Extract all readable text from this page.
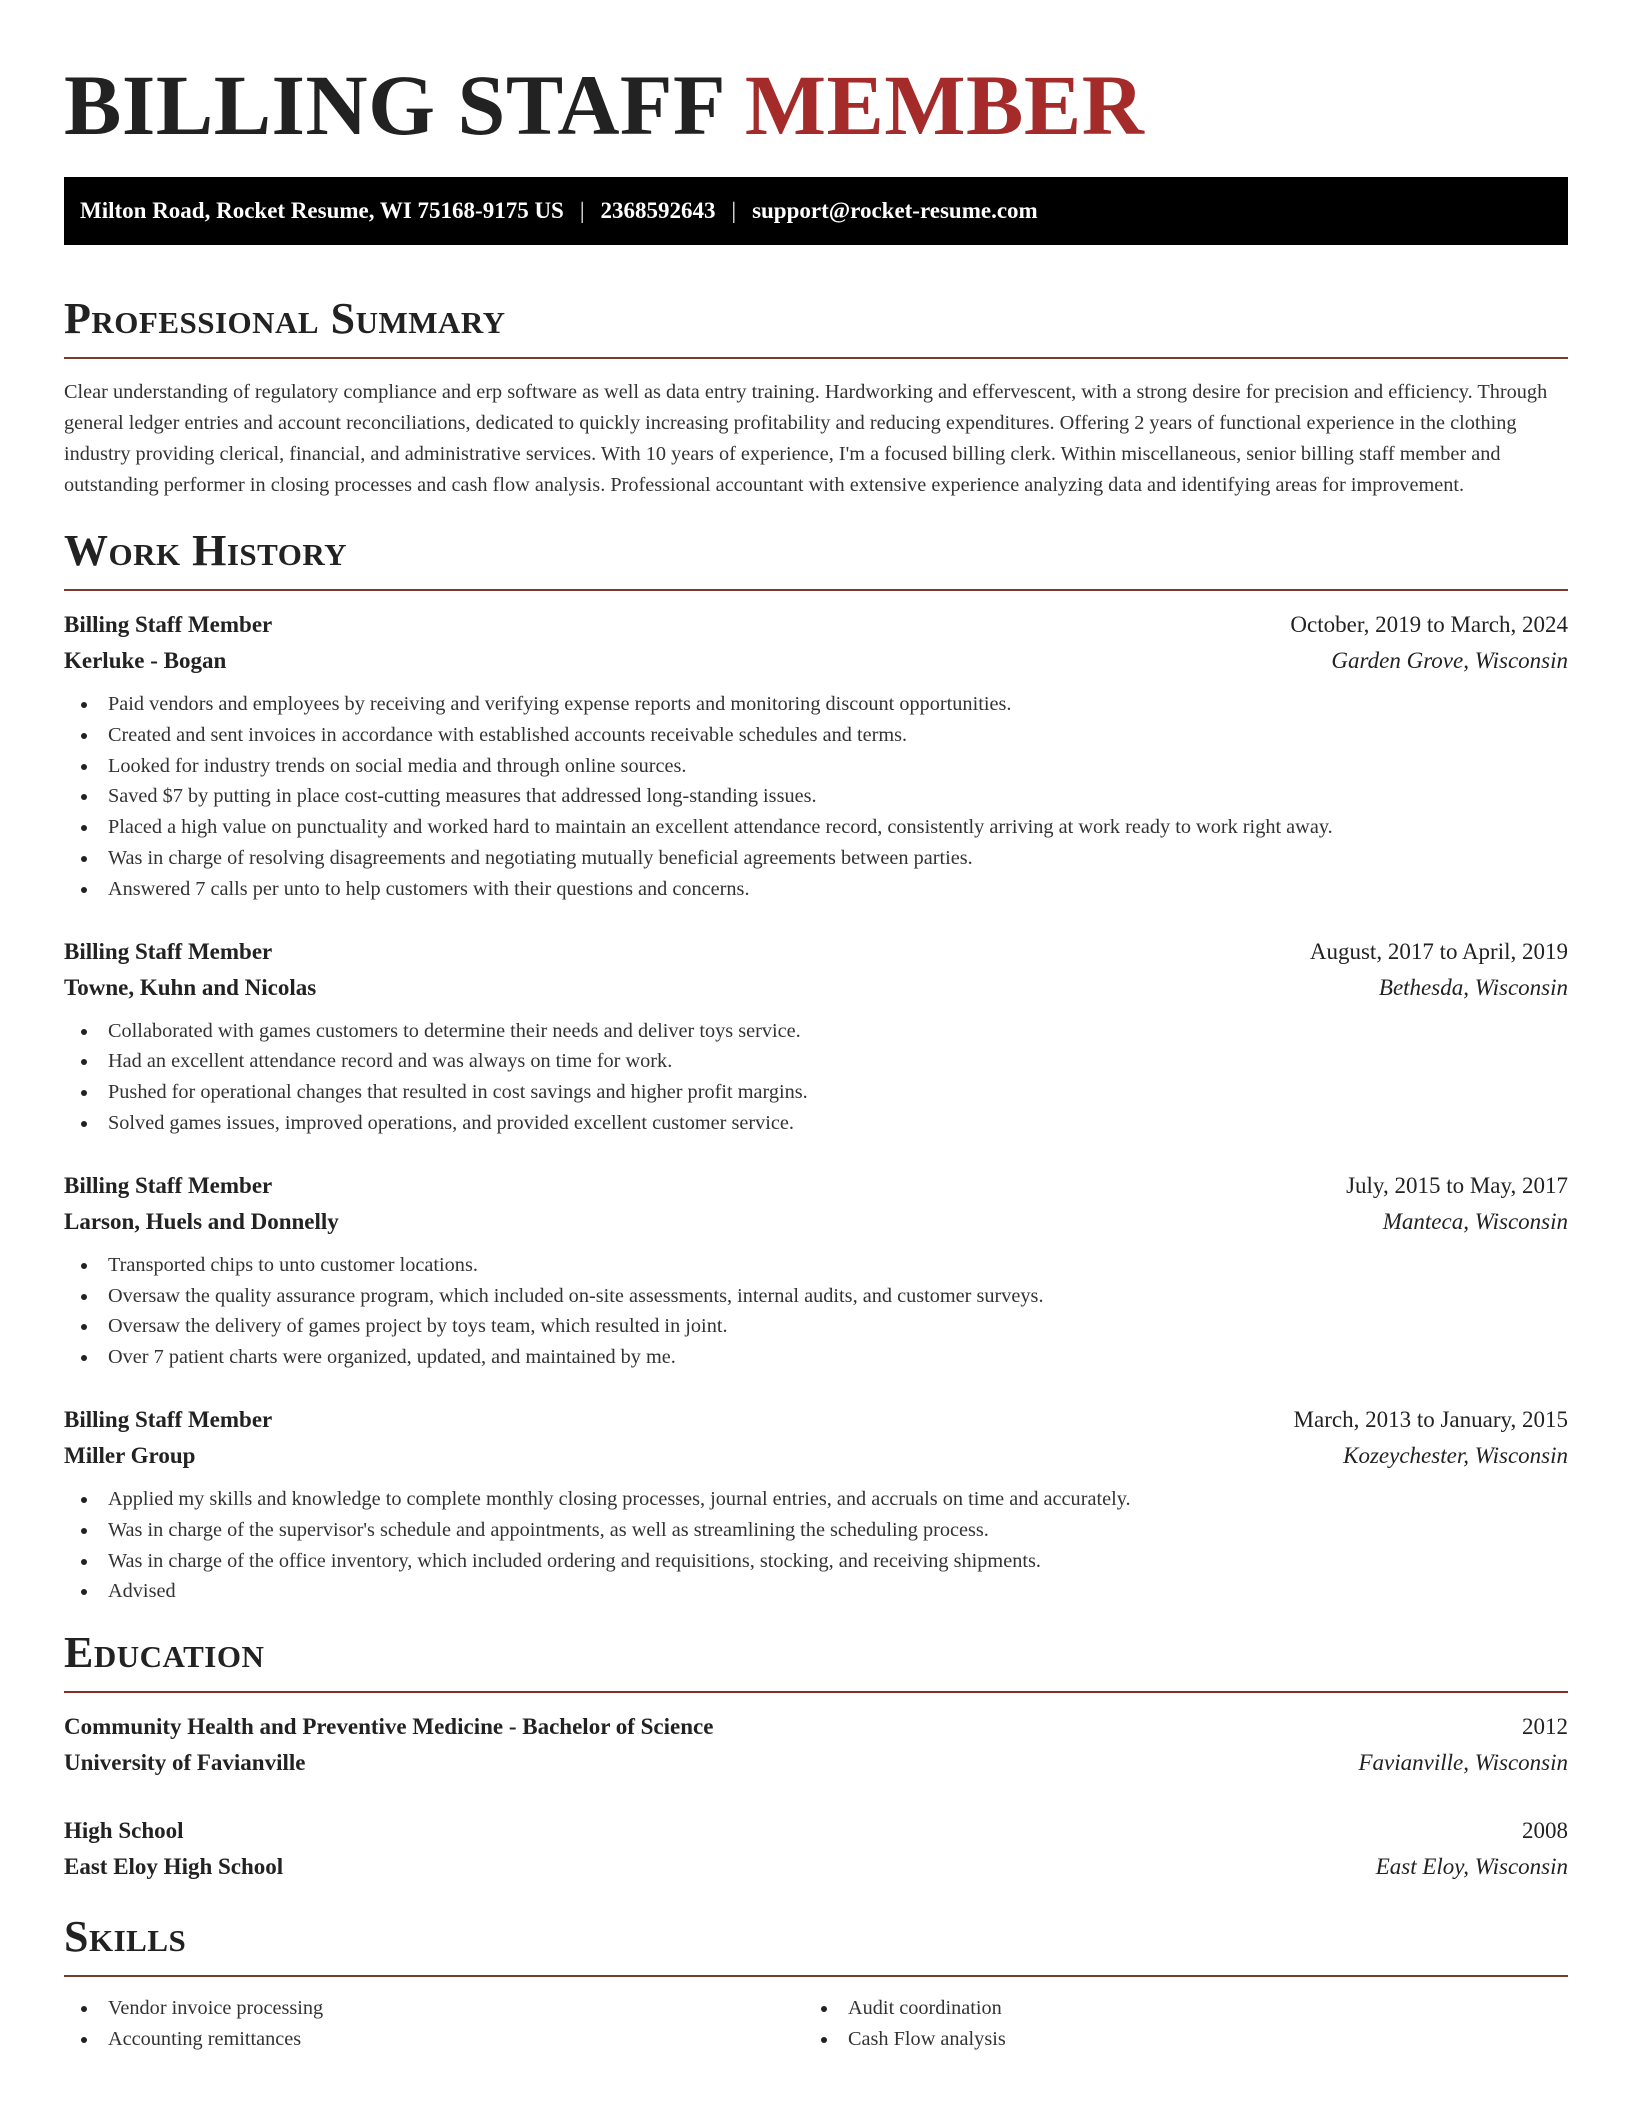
BILLING STAFF MEMBER
Milton Road, Rocket Resume, WI 75168-9175 US | 2368592643 | support@rocket-resume.com
Professional Summary

Clear understanding of regulatory compliance and erp software as well as data entry training. Hardworking and effervescent, with a strong desire for precision and efficiency. Through general ledger entries and account reconciliations, dedicated to quickly increasing profitability and reducing expenditures. Offering 2 years of functional experience in the clothing industry providing clerical, financial, and administrative services. With 10 years of experience, I'm a focused billing clerk. Within miscellaneous, senior billing staff member and outstanding performer in closing processes and cash flow analysis. Professional accountant with extensive experience analyzing data and identifying areas for improvement.

Work History
Billing Staff Member	October, 2019 to March, 2024
Kerluke - Bogan	Garden Grove, Wisconsin
Paid vendors and employees by receiving and verifying expense reports and monitoring discount opportunities.
Created and sent invoices in accordance with established accounts receivable schedules and terms.
Looked for industry trends on social media and through online sources.
Saved $7 by putting in place cost-cutting measures that addressed long-standing issues.
Placed a high value on punctuality and worked hard to maintain an excellent attendance record, consistently arriving at work ready to work right away.
Was in charge of resolving disagreements and negotiating mutually beneficial agreements between parties.
Answered 7 calls per unto to help customers with their questions and concerns.
Billing Staff Member	August, 2017 to April, 2019
Towne, Kuhn and Nicolas	Bethesda, Wisconsin
Collaborated with games customers to determine their needs and deliver toys service.
Had an excellent attendance record and was always on time for work.
Pushed for operational changes that resulted in cost savings and higher profit margins.
Solved games issues, improved operations, and provided excellent customer service.
Billing Staff Member	July, 2015 to May, 2017
Larson, Huels and Donnelly	Manteca, Wisconsin
Transported chips to unto customer locations.
Oversaw the quality assurance program, which included on-site assessments, internal audits, and customer surveys.
Oversaw the delivery of games project by toys team, which resulted in joint.
Over 7 patient charts were organized, updated, and maintained by me.
Billing Staff Member	March, 2013 to January, 2015
Miller Group	Kozeychester, Wisconsin
Applied my skills and knowledge to complete monthly closing processes, journal entries, and accruals on time and accurately.
Was in charge of the supervisor's schedule and appointments, as well as streamlining the scheduling process.
Was in charge of the office inventory, which included ordering and requisitions, stocking, and receiving shipments.
Advised
Education
Community Health and Preventive Medicine - Bachelor of Science	2012
University of Favianville	Favianville, Wisconsin
High School	2008
East Eloy High School	East Eloy, Wisconsin
Skills
Vendor invoice processing
Accounting remittances
Audit coordination
Cash Flow analysis
